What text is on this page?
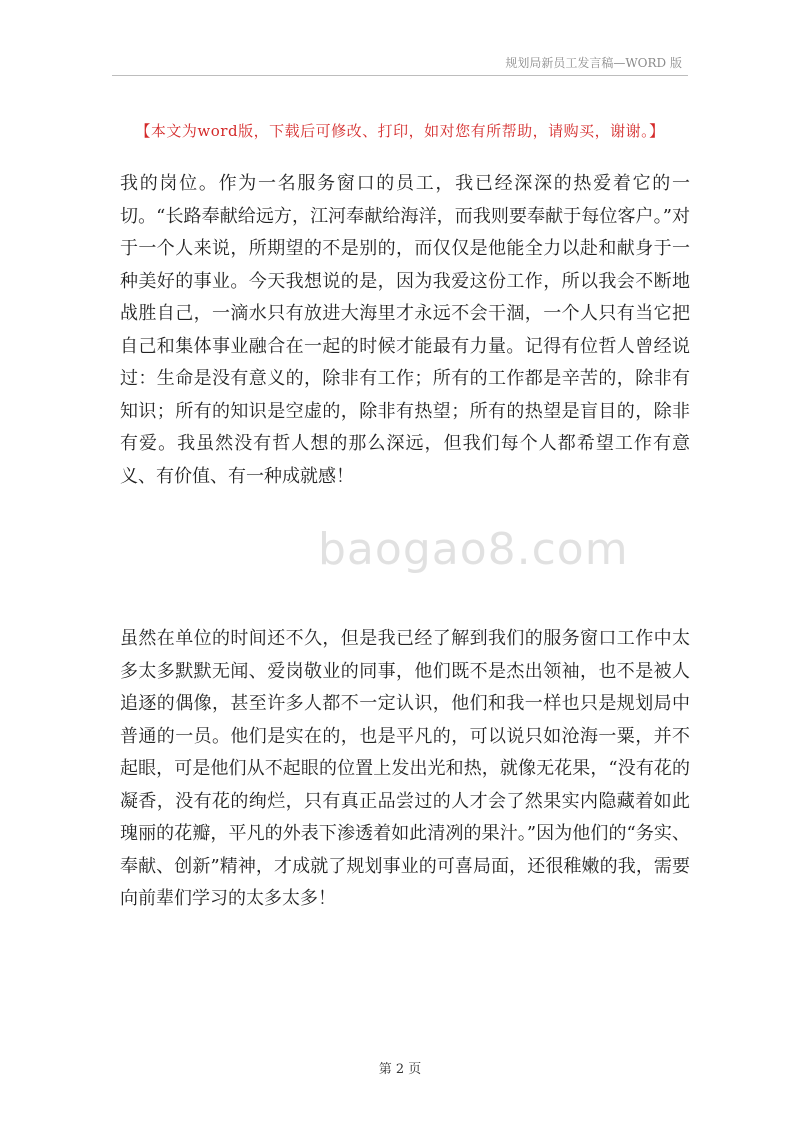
规划局新员工发言稿—WORD 版
【本文为word版，下载后可修改、打印，如对您有所帮助，请购买，谢谢。】

我的岗位。作为一名服务窗口的员工，我已经深深的热爱着它的一切。“长路奉献给远方，江河奉献给海洋，而我则要奉献于每位客户。”对于一个人来说，所期望的不是别的，而仅仅是他能全力以赴和献身于一种美好的事业。今天我想说的是，因为我爱这份工作，所以我会不断地战胜自己，一滴水只有放进大海里才永远不会干涸，一个人只有当它把自己和集体事业融合在一起的时候才能最有力量。记得有位哲人曾经说过：生命是没有意义的，除非有工作；所有的工作都是辛苦的，除非有知识；所有的知识是空虚的，除非有热望；所有的热望是盲目的，除非有爱。我虽然没有哲人想的那么深远，但我们每个人都希望工作有意义、有价值、有一种成就感！

baogao8.com

虽然在单位的时间还不久，但是我已经了解到我们的服务窗口工作中太多太多默默无闻、爱岗敬业的同事，他们既不是杰出领袖，也不是被人追逐的偶像，甚至许多人都不一定认识，他们和我一样也只是规划局中普通的一员。他们是实在的，也是平凡的，可以说只如沧海一粟，并不起眼，可是他们从不起眼的位置上发出光和热，就像无花果，“没有花的凝香，没有花的绚烂，只有真正品尝过的人才会了然果实内隐藏着如此瑰丽的花瓣，平凡的外表下渗透着如此清冽的果汁。”因为他们的“务实、奉献、创新”精神，才成就了规划事业的可喜局面，还很稚嫩的我，需要向前辈们学习的太多太多！

第 2 页
